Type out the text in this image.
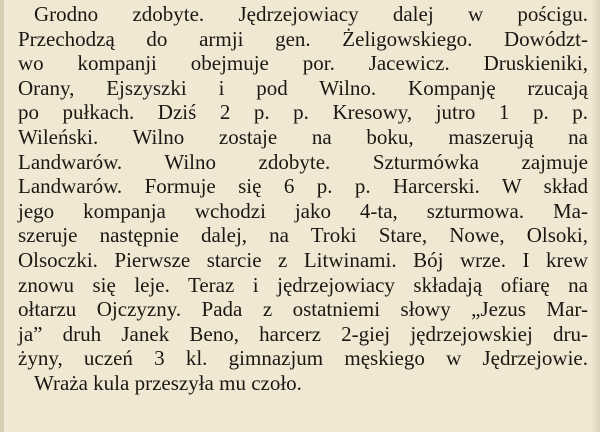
Grodno zdobyte. Jędrzejowiacy dalej w pościgu.
Przechodzą do armji gen. Żeligowskiego. Dowództ-
wo kompanji obejmuje por. Jacewicz. Druskieniki,
Orany, Ejszyszki i pod Wilno. Kompanję rzucają
po pułkach. Dziś 2 p. p. Kresowy, jutro 1 p. p.
Wileński. Wilno zostaje na boku, maszerują na
Landwarów. Wilno zdobyte. Szturmówka zajmuje
Landwarów. Formuje się 6 p. p. Harcerski. W skład
jego kompanja wchodzi jako 4-ta, szturmowa. Ma-
szeruje następnie dalej, na Troki Stare, Nowe, Olsoki,
Olsoczki. Pierwsze starcie z Litwinami. Bój wrze. I krew
znowu się leje. Teraz i jędrzejowiacy składają ofiarę na
ołtarzu Ojczyzny. Pada z ostatniemi słowy „Jezus Mar-
ja” druh Janek Beno, harcerz 2-giej jędrzejowskiej dru-
żyny, uczeń 3 kl. gimnazjum męskiego w Jędrzejowie.
Wraża kula przeszyła mu czoło.
